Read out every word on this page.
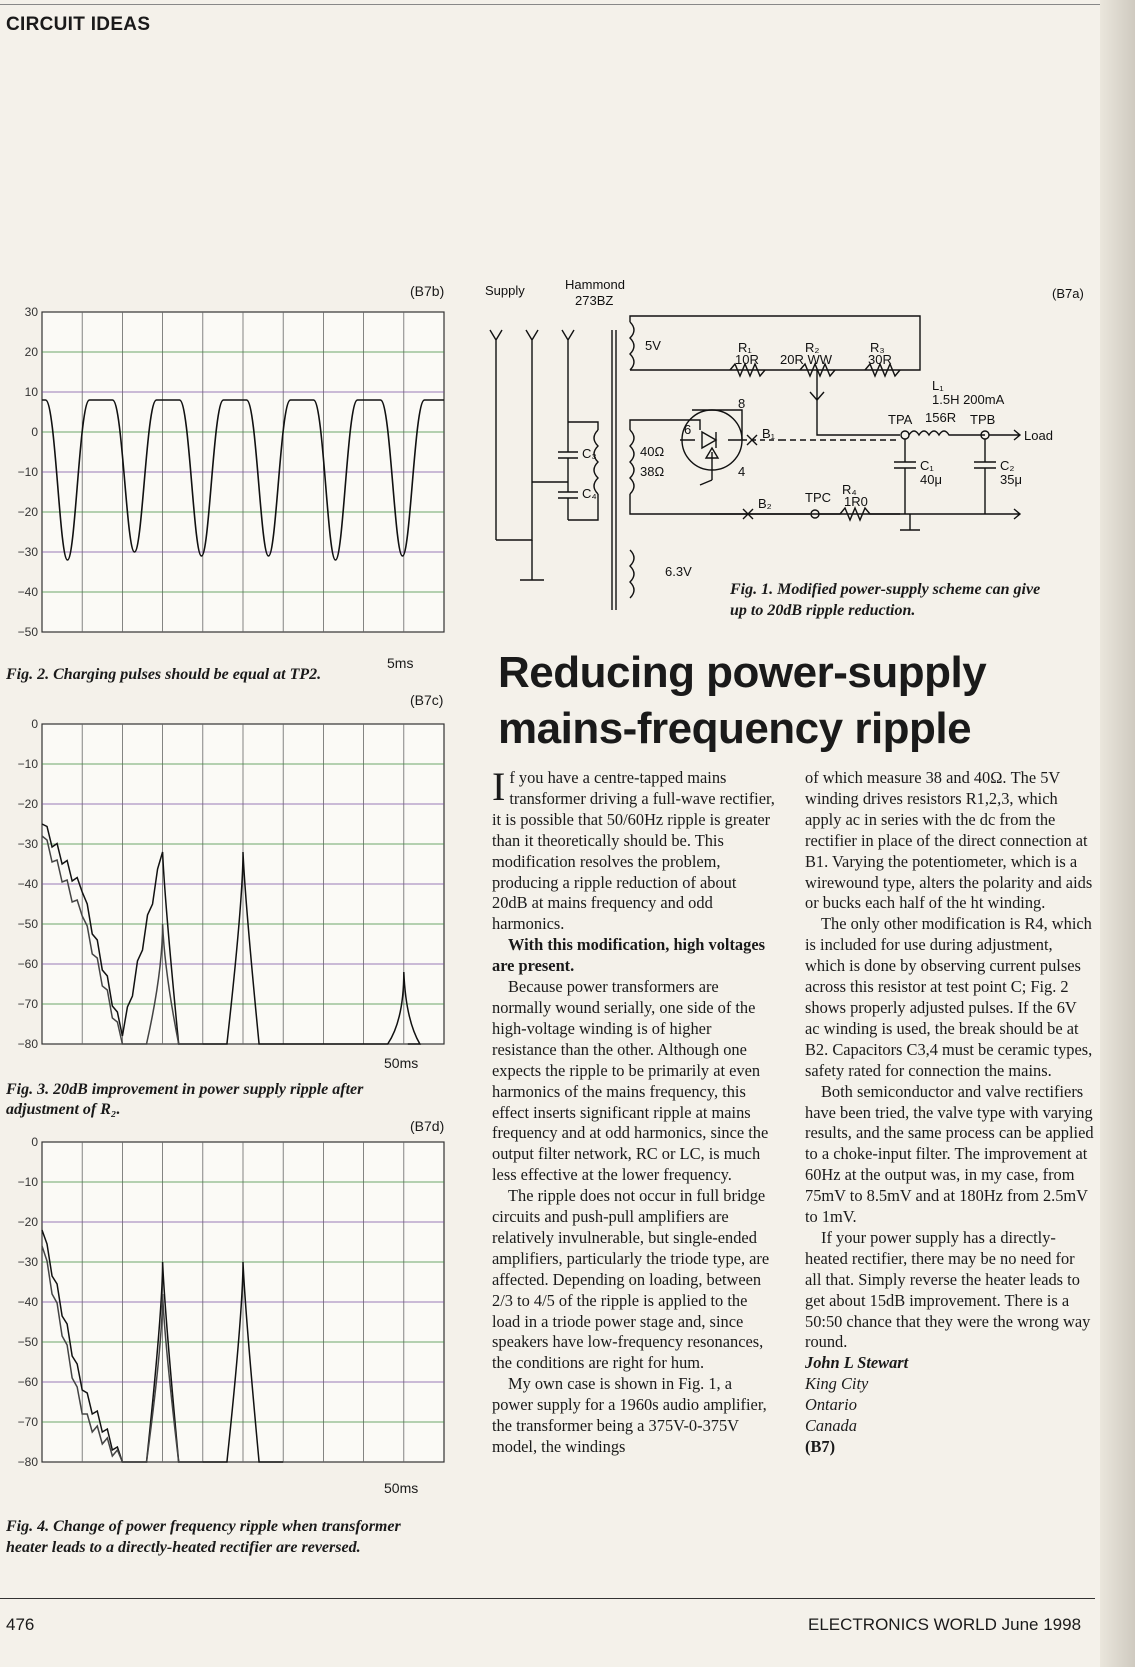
CIRCUIT IDEAS
(B7b)
30
20
10
0
−10
−20
−30
−40
−50
5ms
Fig. 2. Charging pulses should be equal at TP2.
(B7c)
0
−10
−20
−30
−40
−50
−60
−70
−80
50ms
Fig. 3. 20dB improvement in power supply ripple after
adjustment of R₂.
(B7d)
0
−10
−20
−30
−40
−50
−60
−70
−80
50ms
Fig. 4. Change of power frequency ripple when transformer
heater leads to a directly-heated rectifier are reversed.
Supply	Hammond
273BZ	(B7a)
5V	R₁
10R
R₂
20R WW
R₃
30R
L₁
1.5H 200mA
156R
TPA	TPB
Load
B₁
B₂
C₁
40μ
C₂
35μ
R₄
1R0
TPC
C₃
C₄
40Ω
38Ω
6.3V
6
8
4
Fig. 1. Modified power-supply scheme can give
up to 20dB ripple reduction.
Reducing power-supply
mains-frequency ripple

If you have a centre-tapped mains transformer driving a full-wave rectifier, it is possible that 50/60Hz ripple is greater than it theoretically should be. This modification resolves the problem, producing a ripple reduction of about 20dB at mains frequency and odd harmonics.

With this modification, high voltages are present.

Because power transformers are normally wound serially, one side of the high-voltage winding is of higher resistance than the other. Although one expects the ripple to be primarily at even harmonics of the mains frequency, this effect inserts significant ripple at mains frequency and at odd harmonics, since the output filter network, RC or LC, is much less effective at the lower frequency.

The ripple does not occur in full bridge circuits and push-pull amplifiers are relatively invulnerable, but single-ended amplifiers, particularly the triode type, are affected. Depending on loading, between 2/3 to 4/5 of the ripple is applied to the load in a triode power stage and, since speakers have low-frequency resonances, the conditions are right for hum.

My own case is shown in Fig. 1, a power supply for a 1960s audio amplifier, the transformer being a 375V-0-375V model, the windings

of which measure 38 and 40Ω. The 5V winding drives resistors R1,2,3, which apply ac in series with the dc from the rectifier in place of the direct connection at B1. Varying the potentiometer, which is a wirewound type, alters the polarity and aids or bucks each half of the ht winding.

The only other modification is R4, which is included for use during adjustment, which is done by observing current pulses across this resistor at test point C; Fig. 2 shows properly adjusted pulses. If the 6V ac winding is used, the break should be at B2. Capacitors C3,4 must be ceramic types, safety rated for connection the mains.

Both semiconductor and valve rectifiers have been tried, the valve type with varying results, and the same process can be applied to a choke-input filter. The improvement at 60Hz at the output was, in my case, from 75mV to 8.5mV and at 180Hz from 2.5mV to 1mV.

If your power supply has a directly-heated rectifier, there may be no need for all that. Simply reverse the heater leads to get about 15dB improvement. There is a 50:50 chance that they were the wrong way round.

John L Stewart

King City

Ontario

Canada

(B7)

476	ELECTRONICS WORLD June 1998
